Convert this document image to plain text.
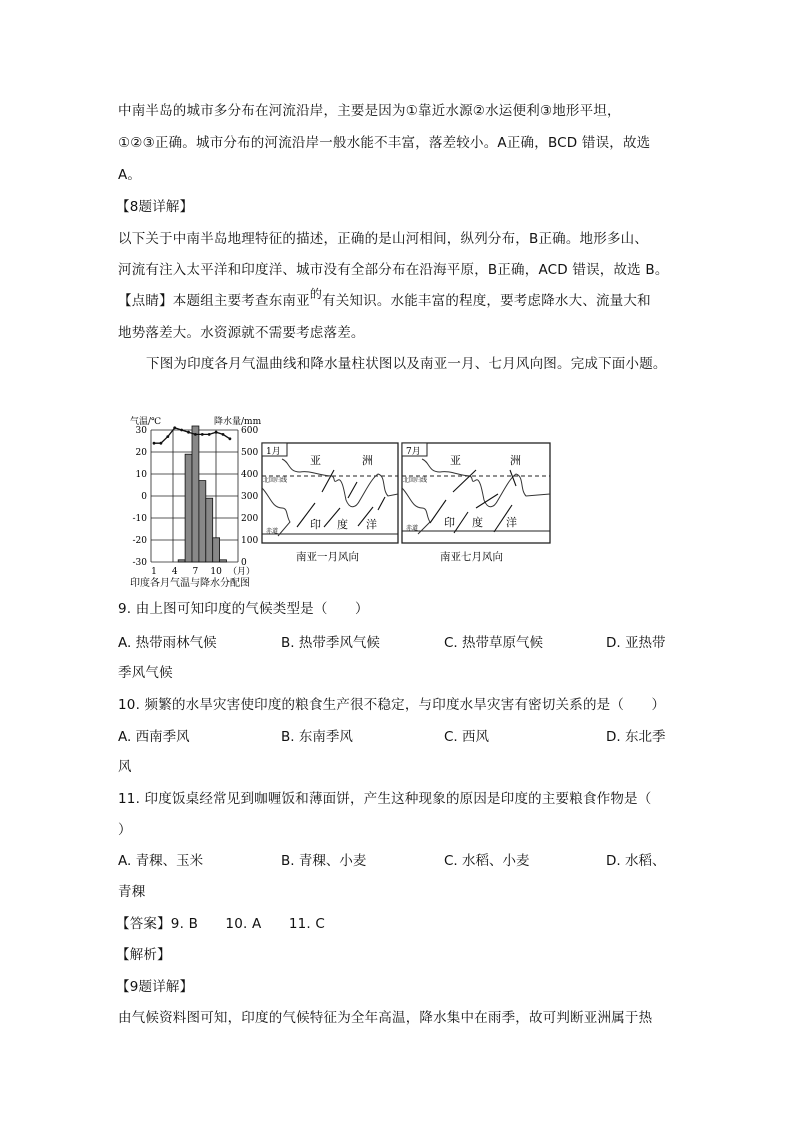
中南半岛的城市多分布在河流沿岸，主要是因为①靠近水源②水运便利③地形平坦，
①②③正确。城市分布的河流沿岸一般水能不丰富，落差较小。A正确，BCD 错误，故选
A。
【8题详解】
以下关于中南半岛地理特征的描述，正确的是山河相间，纵列分布，B正确。地形多山、
河流有注入太平洋和印度洋、城市没有全部分布在沿海平原，B正确，ACD 错误，故选 B。
【点睛】本题组主要考查东南亚的有关知识。水能丰富的程度，要考虑降水大、流量大和
地势落差大。水资源就不需要考虑落差。
下图为印度各月气温曲线和降水量柱状图以及南亚一月、七月风向图。完成下面小题。
30
20
10
0
-10
-20
-30
600
500
400
300
200
100
0
1 4 7 10 （月）
气温/℃	降水量/mm
印度各月气温与降水分配图
1月
亚	洲
印 度 洋
北回归线
赤道
南亚一月风向
7月
亚	洲
印 度 洋
北回归线
赤道
南亚七月风向
9. 由上图可知印度的气候类型是（　　）
A. 热带雨林气候	B. 热带季风气候	C. 热带草原气候	D. 亚热带
季风气候
10. 频繁的水旱灾害使印度的粮食生产很不稳定，与印度水旱灾害有密切关系的是（　　）
A. 西南季风	B. 东南季风	C. 西风	D. 东北季
风
11. 印度饭桌经常见到咖喱饭和薄面饼，产生这种现象的原因是印度的主要粮食作物是（
）
A. 青稞、玉米	B. 青稞、小麦	C. 水稻、小麦	D. 水稻、
青稞
【答案】9. B　　10. A　　11. C
【解析】
【9题详解】
由气候资料图可知，印度的气候特征为全年高温，降水集中在雨季，故可判断亚洲属于热
